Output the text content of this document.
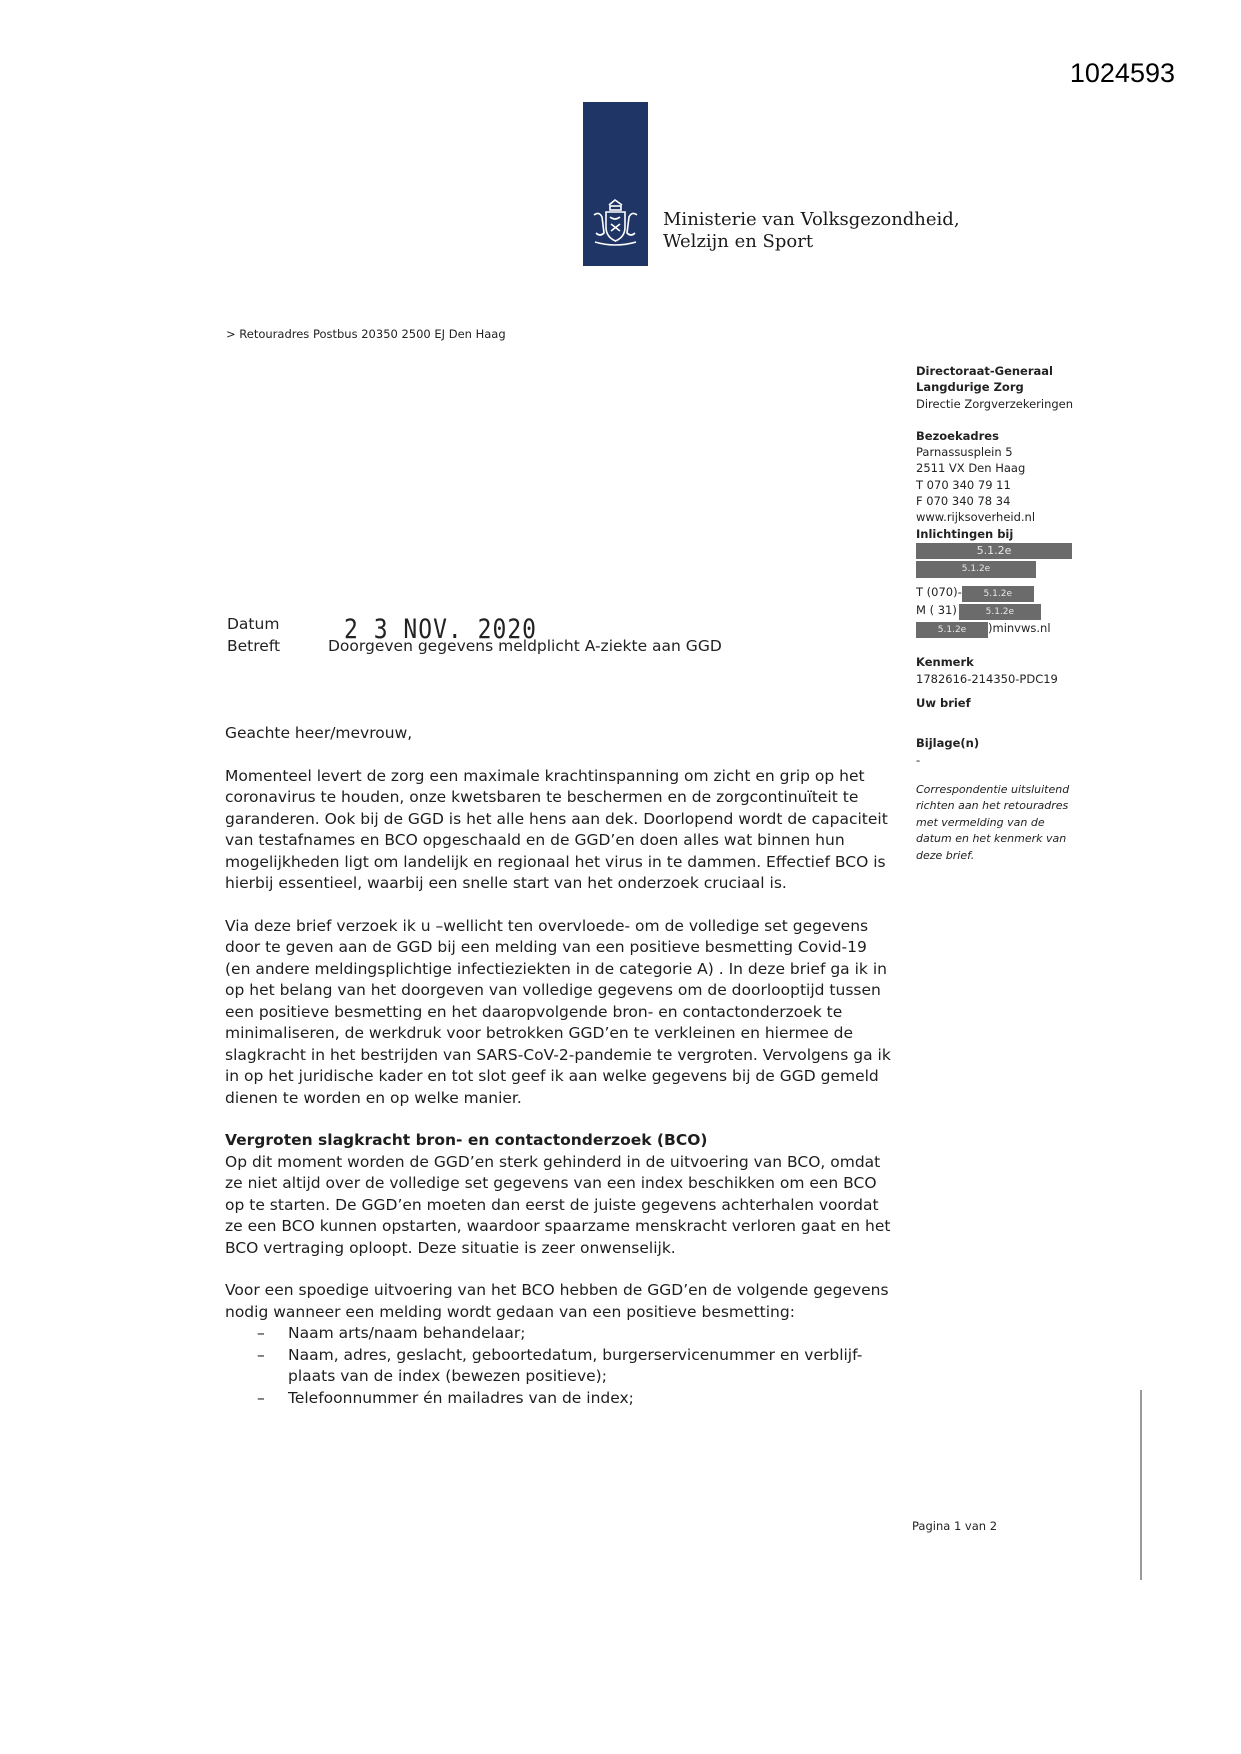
1024593
Ministerie van Volksgezondheid,
Welzijn en Sport
> Retouradres Postbus 20350 2500 EJ Den Haag
Directoraat-Generaal
Langdurige Zorg
Directie Zorgverzekeringen
Bezoekadres
Parnassusplein 5
2511 VX Den Haag
T 070 340 79 11
F 070 340 78 34
www.rijksoverheid.nl
Inlichtingen bij
5.1.2e
5.1.2e
T (070)- 5.1.2e
M ( 31)	5.1.2e
5.1.2e )minvws.nl
Kenmerk
1782616-214350-PDC19
Uw brief
Bijlage(n)
-
Correspondentie uitsluitend
richten aan het retouradres
met vermelding van de
datum en het kenmerk van
deze brief.
Datum	2 3 NOV. 2020
Betreft	Doorgeven gegevens meldplicht A-ziekte aan GGD

Geachte heer/mevrouw,

Momenteel levert de zorg een maximale krachtinspanning om zicht en grip op het coronavirus te houden, onze kwetsbaren te beschermen en de zorgcontinuïteit te garanderen. Ook bij de GGD is het alle hens aan dek. Doorlopend wordt de capaciteit van testafnames en BCO opgeschaald en de GGD’en doen alles wat binnen hun mogelijkheden ligt om landelijk en regionaal het virus in te dammen. Effectief BCO is hierbij essentieel, waarbij een snelle start van het onderzoek cruciaal is.

Via deze brief verzoek ik u –wellicht ten overvloede- om de volledige set gegevens door te geven aan de GGD bij een melding van een positieve besmetting Covid-19 (en andere meldingsplichtige infectieziekten in de categorie A) . In deze brief ga ik in op het belang van het doorgeven van volledige gegevens om de doorlooptijd tussen een positieve besmetting en het daaropvolgende bron- en contactonderzoek te minimaliseren, de werkdruk voor betrokken GGD’en te verkleinen en hiermee de slagkracht in het bestrijden van SARS-CoV-2-pandemie te vergroten. Vervolgens ga ik in op het juridische kader en tot slot geef ik aan welke gegevens bij de GGD gemeld dienen te worden en op welke manier.

Vergroten slagkracht bron- en contactonderzoek (BCO)

Op dit moment worden de GGD’en sterk gehinderd in de uitvoering van BCO, omdat ze niet altijd over de volledige set gegevens van een index beschikken om een BCO op te starten. De GGD’en moeten dan eerst de juiste gegevens achterhalen voordat ze een BCO kunnen opstarten, waardoor spaarzame menskracht verloren gaat en het BCO vertraging oploopt. Deze situatie is zeer onwenselijk.

Voor een spoedige uitvoering van het BCO hebben de GGD’en de volgende gegevens nodig wanneer een melding wordt gedaan van een positieve besmetting:

– Naam arts/naam behandelaar;
– Naam, adres, geslacht, geboortedatum, burgerservicenummer en verblijf-plaats van de index (bewezen positieve);
– Telefoonnummer én mailadres van de index;
Pagina 1 van 2
